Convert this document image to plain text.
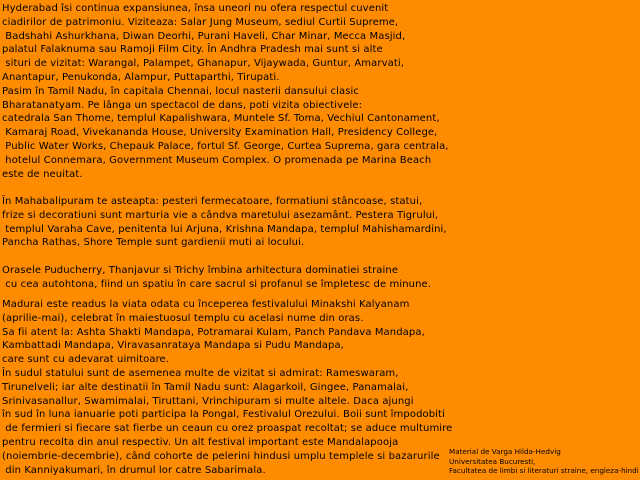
Hyderabad îsi continua expansiunea, însa uneori nu ofera respectul cuvenit
ciadirilor de patrimoniu. Viziteaza: Salar Jung Museum, sediul Curtii Supreme,
Badshahi Ashurkhana, Diwan Deorhi, Purani Haveli, Char Minar, Mecca Masjid,
palatul Falaknuma sau Ramoji Film City. În Andhra Pradesh mai sunt si alte
situri de vizitat: Warangal, Palampet, Ghanapur, Vijaywada, Guntur, Amarvati,
Anantapur, Penukonda, Alampur, Puttaparthi, Tirupati.
Pasim în Tamil Nadu, în capitala Chennai, locul nasterii dansului clasic
Bharatanatyam. Pe lânga un spectacol de dans, poti vizita obiectivele:
catedrala San Thome, templul Kapalishwara, Muntele Sf. Toma, Vechiul Cantonament,
Kamaraj Road, Vivekananda House, University Examination Hall, Presidency College,
Public Water Works, Chepauk Palace, fortul Sf. George, Curtea Suprema, gara centrala,
hotelul Connemara, Government Museum Complex. O promenada pe Marina Beach
este de neuitat.
În Mahabalipuram te asteapta: pesteri fermecatoare, formatiuni stâncoase, statui,
frize si decoratiuni sunt marturia vie a cândva maretului asezamânt. Pestera Tigrului,
templul Varaha Cave, penitenta lui Arjuna, Krishna Mandapa, templul Mahishamardini,
Pancha Rathas, Shore Temple sunt gardienii muti ai locului.
Orasele Puducherry, Thanjavur si Trichy îmbina arhitectura dominatiei straine
cu cea autohtona, fiind un spatiu în care sacrul si profanul se împletesc de minune.
Madurai este readus la viata odata cu începerea festivalului Minakshi Kalyanam
(aprilie-mai), celebrat în maiestuosul templu cu acelasi nume din oras.
Sa fii atent la: Ashta Shakti Mandapa, Potramarai Kulam, Panch Pandava Mandapa,
Kambattadi Mandapa, Viravasanrataya Mandapa si Pudu Mandapa,
care sunt cu adevarat uimitoare.
În sudul statului sunt de asemenea multe de vizitat si admirat: Rameswaram,
Tirunelveli; iar alte destinatii în Tamil Nadu sunt: Alagarkoil, Gingee, Panamalai,
Srinivasanallur, Swamimalai, Tiruttani, Vrinchipuram si multe altele. Daca ajungi
în sud în luna ianuarie poti participa la Pongal, Festivalul Orezului. Boii sunt împodobiti
de fermieri si fiecare sat fierbe un ceaun cu orez proaspat recoltat; se aduce multumire
pentru recolta din anul respectiv. Un alt festival important este Mandalapooja
(noiembrie-decembrie), când cohorte de pelerini hindusi umplu templele si bazarurile
din Kanniyakumari, în drumul lor catre Sabarimala.
Material de Varga Hilda-Hedvig
Universitatea Bucuresti,
Facultatea de limbi si literaturi straine, engleza-hindi
